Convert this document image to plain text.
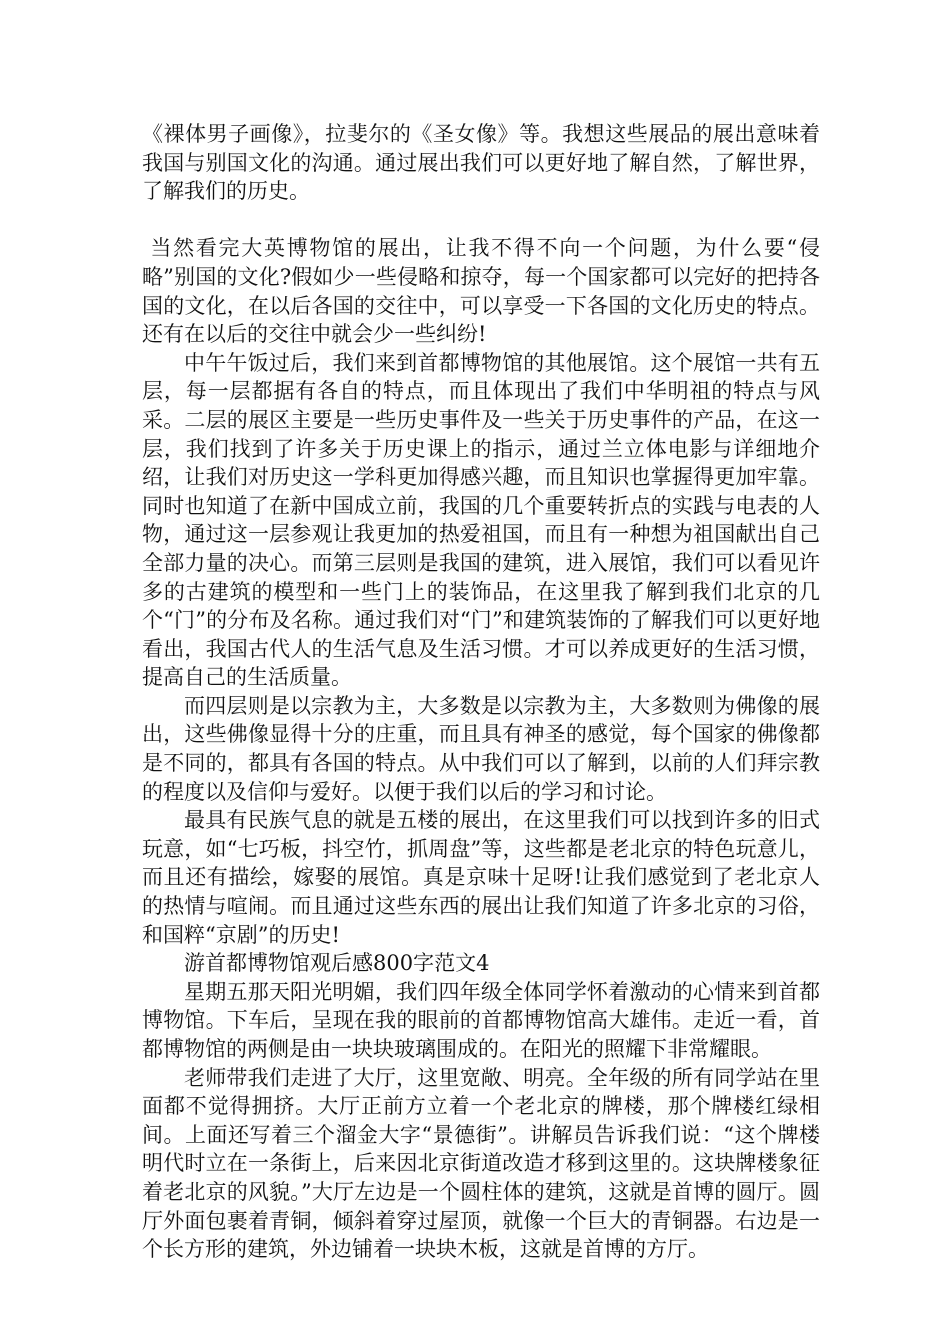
《裸体男子画像》，拉斐尔的《圣女像》等。我想这些展品的展出意味着我国与别国文化的沟通。通过展出我们可以更好地了解自然，了解世界，了解我们的历史。

当然看完大英博物馆的展出，让我不得不向一个问题，为什么要“侵略”别国的文化?假如少一些侵略和掠夺，每一个国家都可以完好的把持各国的文化，在以后各国的交往中，可以享受一下各国的文化历史的特点。还有在以后的交往中就会少一些纠纷!

中午午饭过后，我们来到首都博物馆的其他展馆。这个展馆一共有五层，每一层都据有各自的特点，而且体现出了我们中华明祖的特点与风采。二层的展区主要是一些历史事件及一些关于历史事件的产品，在这一层，我们找到了许多关于历史课上的指示，通过兰立体电影与详细地介绍，让我们对历史这一学科更加得感兴趣，而且知识也掌握得更加牢靠。同时也知道了在新中国成立前，我国的几个重要转折点的实践与电表的人物，通过这一层参观让我更加的热爱祖国，而且有一种想为祖国献出自己全部力量的决心。而第三层则是我国的建筑，进入展馆，我们可以看见许多的古建筑的模型和一些门上的装饰品，在这里我了解到我们北京的几个“门”的分布及名称。通过我们对“门”和建筑装饰的了解我们可以更好地看出，我国古代人的生活气息及生活习惯。才可以养成更好的生活习惯，提高自己的生活质量。

而四层则是以宗教为主，大多数是以宗教为主，大多数则为佛像的展出，这些佛像显得十分的庄重，而且具有神圣的感觉，每个国家的佛像都是不同的，都具有各国的特点。从中我们可以了解到，以前的人们拜宗教的程度以及信仰与爱好。以便于我们以后的学习和讨论。

最具有民族气息的就是五楼的展出，在这里我们可以找到许多的旧式玩意，如“七巧板，抖空竹，抓周盘”等，这些都是老北京的特色玩意儿，而且还有描绘，嫁娶的展馆。真是京味十足呀!让我们感觉到了老北京人的热情与喧闹。而且通过这些东西的展出让我们知道了许多北京的习俗，和国粹“京剧”的历史!

游首都博物馆观后感800字范文4

星期五那天阳光明媚，我们四年级全体同学怀着激动的心情来到首都博物馆。下车后，呈现在我的眼前的首都博物馆高大雄伟。走近一看，首都博物馆的两侧是由一块块玻璃围成的。在阳光的照耀下非常耀眼。

老师带我们走进了大厅，这里宽敞、明亮。全年级的所有同学站在里面都不觉得拥挤。大厅正前方立着一个老北京的牌楼，那个牌楼红绿相间。上面还写着三个溜金大字“景德街”。讲解员告诉我们说：“这个牌楼明代时立在一条街上，后来因北京街道改造才移到这里的。这块牌楼象征着老北京的风貌。”大厅左边是一个圆柱体的建筑，这就是首博的圆厅。圆厅外面包裹着青铜，倾斜着穿过屋顶，就像一个巨大的青铜器。右边是一个长方形的建筑，外边铺着一块块木板，这就是首博的方厅。
